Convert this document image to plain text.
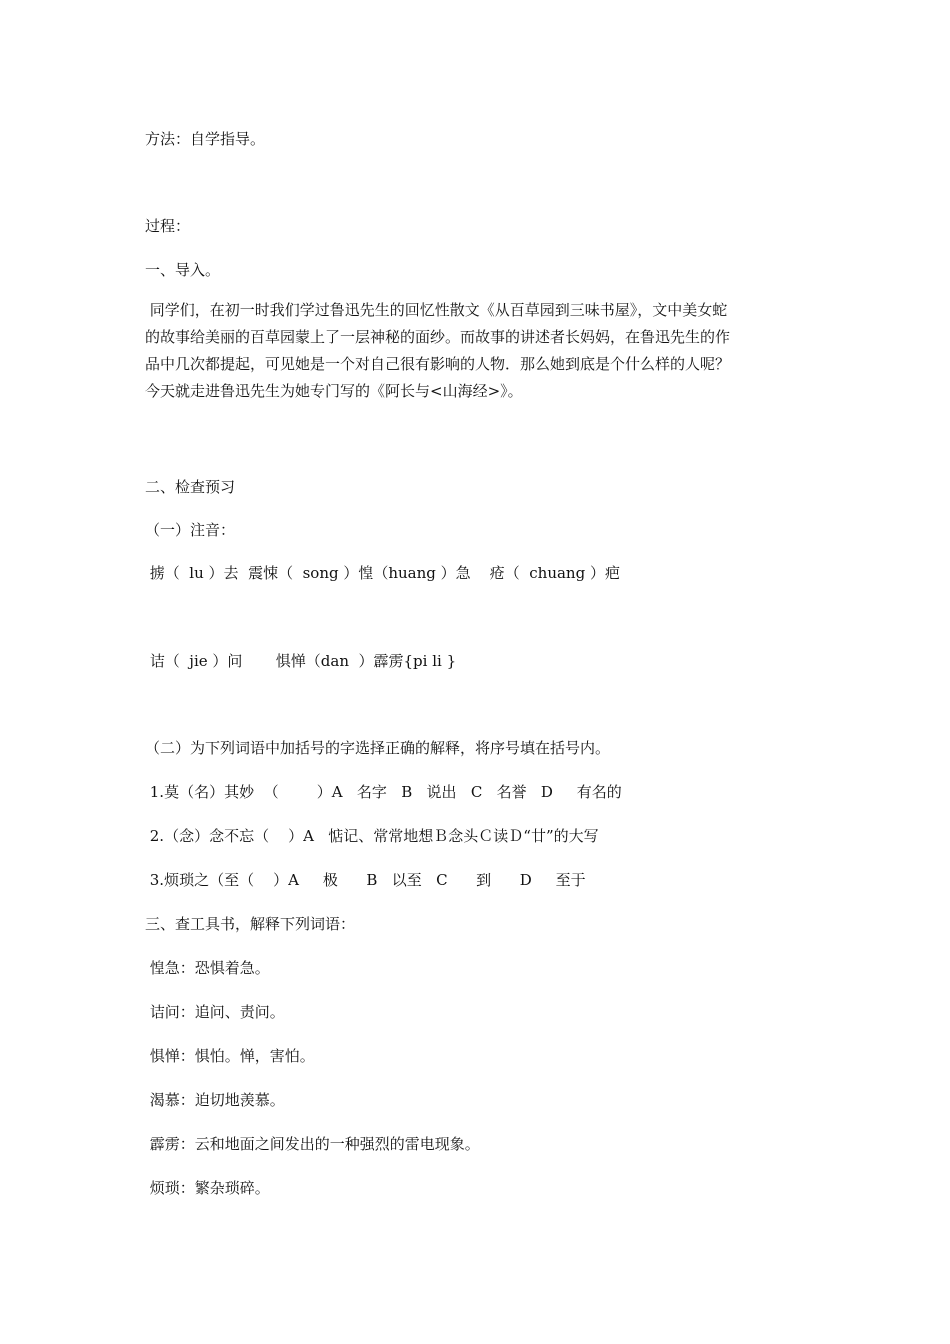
方法：自学指导。
过程：
一、导入。
同学们，在初一时我们学过鲁迅先生的回忆性散文《从百草园到三味书屋》，文中美女蛇
的故事给美丽的百草园蒙上了一层神秘的面纱。而故事的讲述者长妈妈，在鲁迅先生的作
品中几次都提起，可见她是一个对自己很有影响的人物．那么她到底是个什么样的人呢？
今天就走进鲁迅先生为她专门写的《阿长与<山海经>》。
二、检查预习
（一）注音：
掳（  lu ）去  震悚（  song ）惶（huang ）急    疮（  chuang ）疤
诘（  jie ）问       惧惮（dan  ）霹雳{pi li }
（二）为下列词语中加括号的字选择正确的解释，将序号填在括号内。
1.莫（名）其妙  （        ）A   名字   B   说出   C   名誉   D     有名的
2.（念）念不忘（    ）A   惦记、常常地想Ｂ念头Ｃ读Ｄ“廿”的大写
3.烦琐之（至（    ）A     极      B   以至   C      到      D     至于
三、查工具书，解释下列词语：
惶急：恐惧着急。
诘问：追问、责问。
惧惮：惧怕。惮，害怕。
渴慕：迫切地羡慕。
霹雳：云和地面之间发出的一种强烈的雷电现象。
烦琐：繁杂琐碎。
